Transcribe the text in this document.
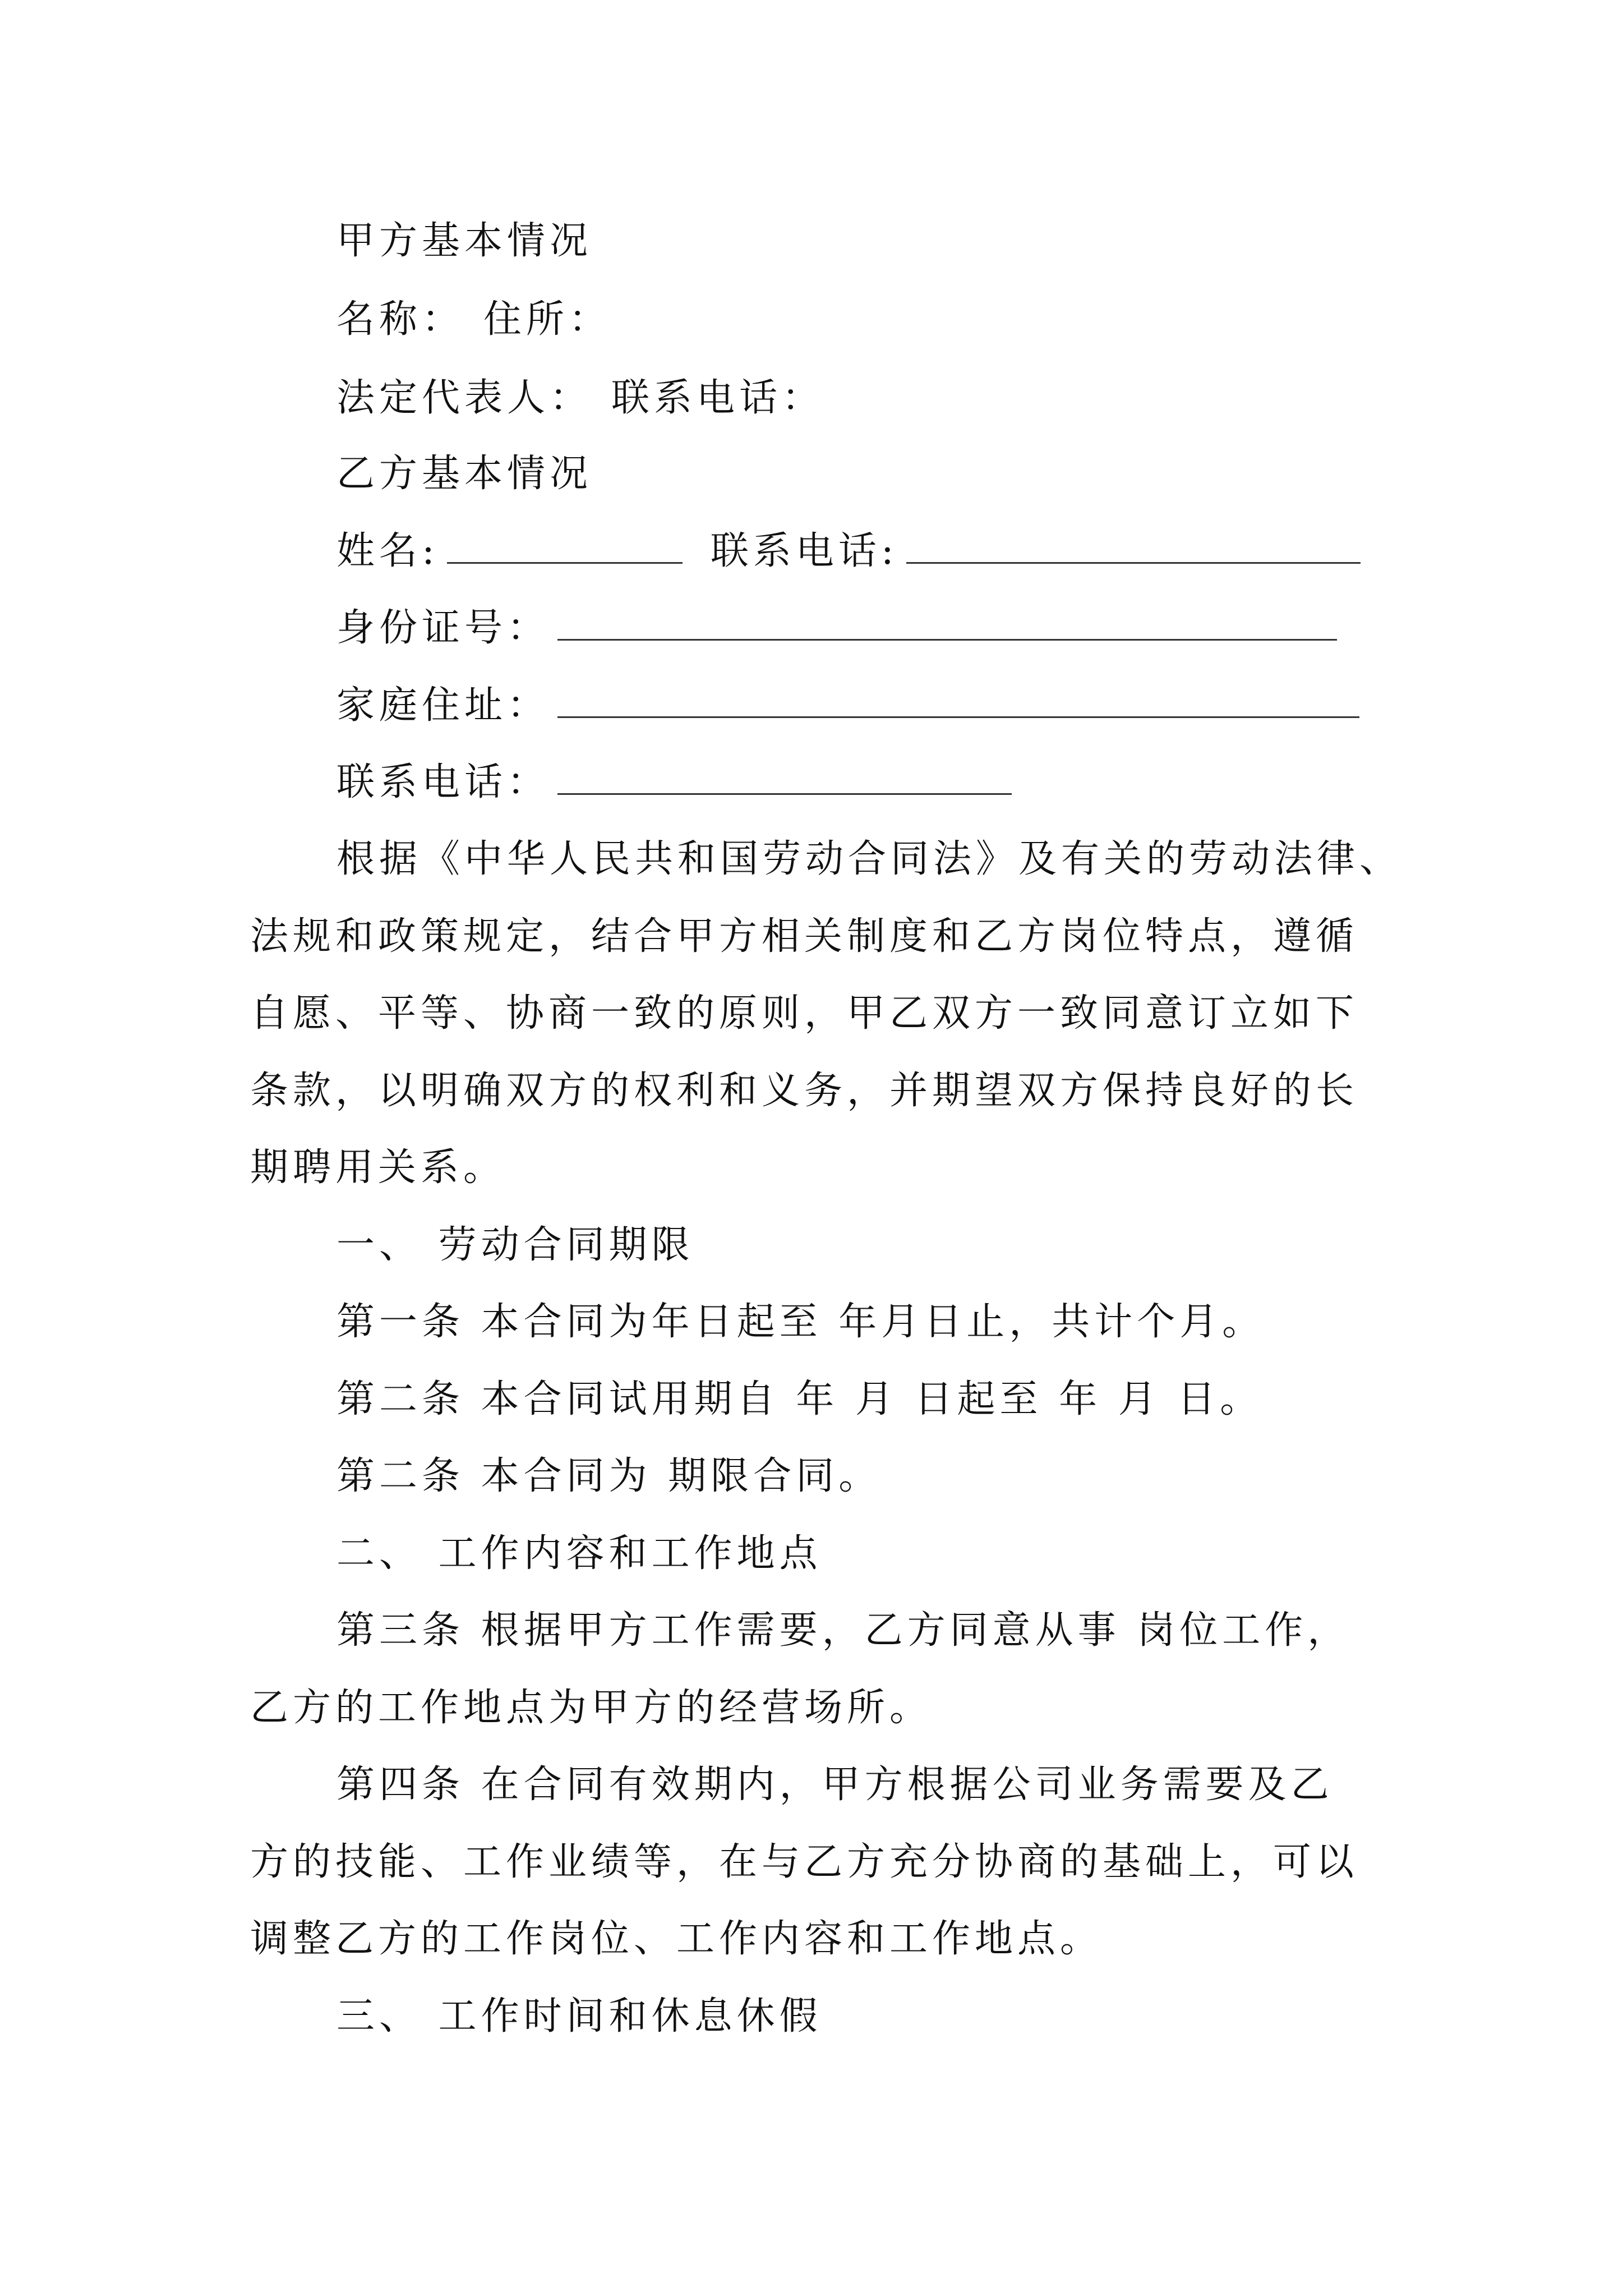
甲方基本情况
名称： 住所：
法定代表人： 联系电话：
乙方基本情况
姓名:	联系电话:
身份证号：
家庭住址：
联系电话：
根据《中华人民共和国劳动合同法》及有关的劳动法律、
法规和政策规定，结合甲方相关制度和乙方岗位特点，遵循
自愿、平等、协商一致的原则，甲乙双方一致同意订立如下
条款，以明确双方的权利和义务，并期望双方保持良好的长
期聘用关系。
一、 劳动合同期限
第一条 本合同为年日起至 年月日止，共计个月。
第二条 本合同试用期自 年 月 日起至 年 月 日。
第二条 本合同为 期限合同。
二、 工作内容和工作地点
第三条 根据甲方工作需要，乙方同意从事 岗位工作，
乙方的工作地点为甲方的经营场所。
第四条 在合同有效期内，甲方根据公司业务需要及乙
方的技能、工作业绩等，在与乙方充分协商的基础上，可以
调整乙方的工作岗位、工作内容和工作地点。
三、 工作时间和休息休假
